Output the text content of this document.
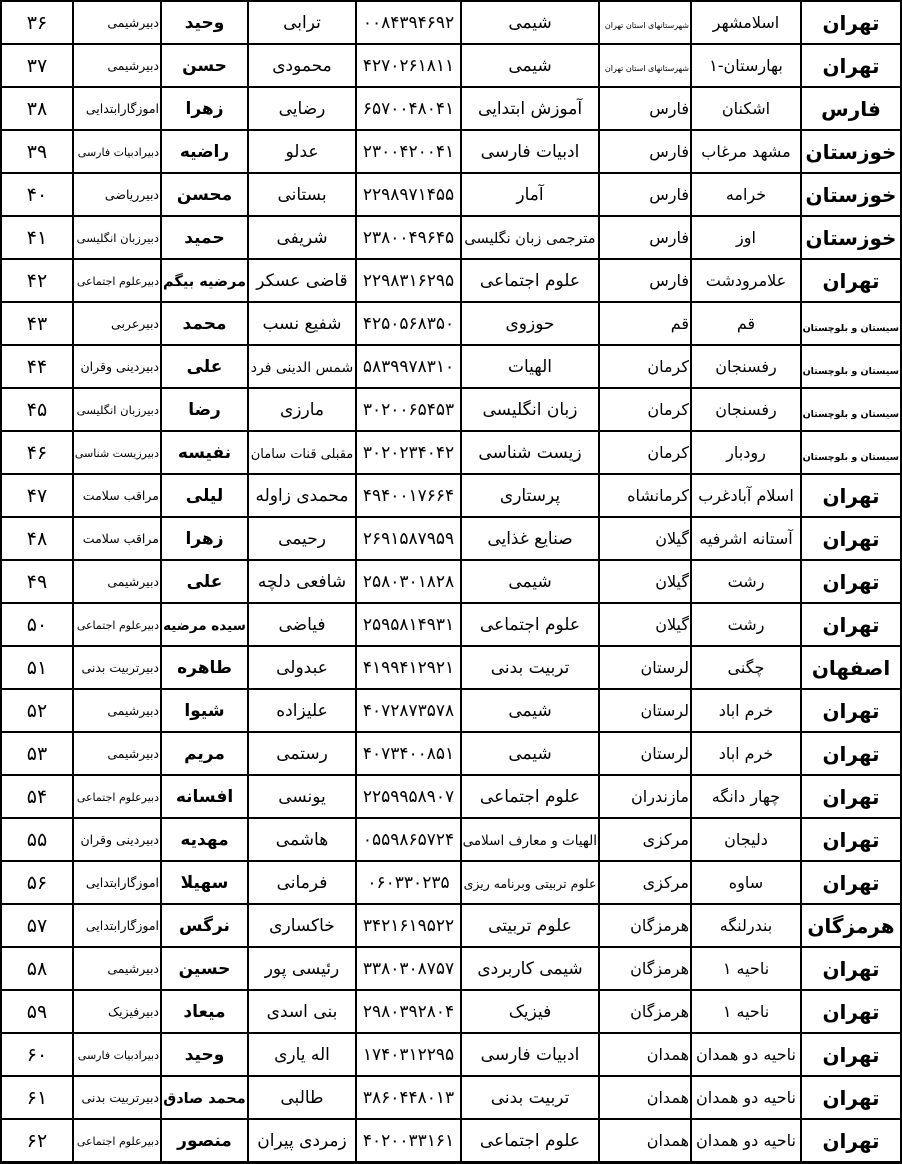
تهران	اسلامشهر	شهرستانهای استان تهران	شیمی	۰۰۸۴۳۹۴۶۹۲	ترابی	وحید	دبیرشیمی	۳۶
تهران	بهارستان-۱	شهرستانهای استان تهران	شیمی	۴۲۷۰۲۶۱۸۱۱	محمودی	حسن	دبیرشیمی	۳۷
فارس	اشکنان	فارس	آموزش ابتدایی	۶۵۷۰۰۴۸۰۴۱	رضایی	زهرا	اموزگارابتدایی	۳۸
خوزستان	مشهد مرغاب	فارس	ادبیات فارسی	۲۳۰۰۴۲۰۰۴۱	عدلو	راضیه	دبیرادبیات فارسی	۳۹
خوزستان	خرامه	فارس	آمار	۲۲۹۸۹۷۱۴۵۵	بستانی	محسن	دبیرریاضی	۴۰
خوزستان	اوز	فارس	مترجمی زبان نگلیسی	۲۳۸۰۰۴۹۶۴۵	شریفی	حمید	دبیرزبان انگلیسی	۴۱
تهران	علامرودشت	فارس	علوم اجتماعی	۲۲۹۸۳۱۶۲۹۵	قاضی عسکر	مرضیه بیگم	دبیرعلوم اجتماعی	۴۲
سیستان و بلوچستان	قم	قم	حوزوی	۴۲۵۰۵۶۸۳۵۰	شفیع نسب	محمد	دبیرعربی	۴۳
سیستان و بلوچستان	رفسنجان	کرمان	الهیات	۵۸۳۹۹۷۸۳۱۰	شمس الدینی فرد	علی	دبیردینی وقران	۴۴
سیستان و بلوچستان	رفسنجان	کرمان	زبان انگلیسی	۳۰۲۰۰۶۵۴۵۳	مارزی	رضا	دبیرزبان انگلیسی	۴۵
سیستان و بلوچستان	رودبار	کرمان	زیست شناسی	۳۰۲۰۲۳۴۰۴۲	مقبلی قنات سامان	نفیسه	دبیرزیست شناسی	۴۶
تهران	اسلام آبادغرب	کرمانشاه	پرستاری	۴۹۴۰۰۱۷۶۶۴	محمدی زاوله	لیلی	مراقب سلامت	۴۷
تهران	آستانه اشرفیه	گیلان	صنایع غذایی	۲۶۹۱۵۸۷۹۵۹	رحیمی	زهرا	مراقب سلامت	۴۸
تهران	رشت	گیلان	شیمی	۲۵۸۰۳۰۱۸۲۸	شافعی دلچه	علی	دبیرشیمی	۴۹
تهران	رشت	گیلان	علوم اجتماعی	۲۵۹۵۸۱۴۹۳۱	فیاضی	سیده مرضیه	دبیرعلوم اجتماعی	۵۰
اصفهان	چگنی	لرستان	تربیت بدنی	۴۱۹۹۴۱۲۹۲۱	عبدولی	طاهره	دبیرتربیت بدنی	۵۱
تهران	خرم اباد	لرستان	شیمی	۴۰۷۲۸۷۳۵۷۸	علیزاده	شیوا	دبیرشیمی	۵۲
تهران	خرم اباد	لرستان	شیمی	۴۰۷۳۴۰۰۸۵۱	رستمی	مریم	دبیرشیمی	۵۳
تهران	چهار دانگه	مازندران	علوم اجتماعی	۲۲۵۹۹۵۸۹۰۷	یونسی	افسانه	دبیرعلوم اجتماعی	۵۴
تهران	دلیجان	مرکزی	الهیات و معارف اسلامی	۰۵۵۹۸۶۵۷۲۴	هاشمی	مهدیه	دبیردینی وقران	۵۵
تهران	ساوه	مرکزی	علوم تربیتی وبرنامه ریزی	۰۶۰۳۳۰۲۳۵	فرمانی	سهیلا	اموزگارابتدایی	۵۶
هرمزگان	بندرلنگه	هرمزگان	علوم تربیتی	۳۴۲۱۶۱۹۵۲۲	خاکساری	نرگس	اموزگارابتدایی	۵۷
تهران	ناحیه ۱	هرمزگان	شیمی کاربردی	۳۳۸۰۳۰۸۷۵۷	رئیسی پور	حسین	دبیرشیمی	۵۸
تهران	ناحیه ۱	هرمزگان	فیزیک	۲۹۸۰۳۹۲۸۰۴	بنی اسدی	میعاد	دبیرفیزیک	۵۹
تهران	ناحیه دو همدان	همدان	ادبیات فارسی	۱۷۴۰۳۱۲۲۹۵	اله یاری	وحید	دبیرادبیات فارسی	۶۰
تهران	ناحیه دو همدان	همدان	تربیت بدنی	۳۸۶۰۴۴۸۰۱۳	طالبی	محمد صادق	دبیرتربیت بدنی	۶۱
تهران	ناحیه دو همدان	همدان	علوم اجتماعی	۴۰۲۰۰۳۳۱۶۱	زمردی پیران	منصور	دبیرعلوم اجتماعی	۶۲
